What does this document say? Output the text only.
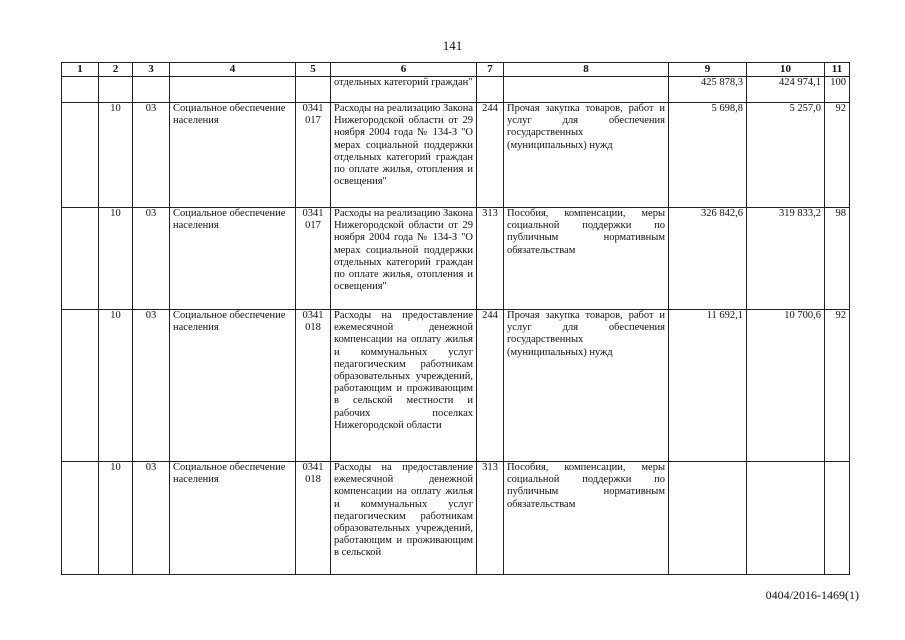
141
1	2	3	4	5	6	7	8	9	10	11
					отдельных категорий граждан"			425 878,3	424 974,1	100
	10	03	Социальное обеспечение населения	0341 017	Расходы на реализацию Закона Нижегородской области от 29 ноября 2004 года № 134-З "О мерах социальной поддержки отдельных категорий граждан по оплате жилья, отопления и освещения"	244	Прочая закупка товаров, работ и услуг для обеспечения государственных (муниципальных) нужд	5 698,8	5 257,0	92
	10	03	Социальное обеспечение населения	0341 017	Расходы на реализацию Закона Нижегородской области от 29 ноября 2004 года № 134-З "О мерах социальной поддержки отдельных категорий граждан по оплате жилья, отопления и освещения"	313	Пособия, компенсации, меры социальной поддержки по публичным нормативным обязательствам	326 842,6	319 833,2	98
	10	03	Социальное обеспечение населения	0341 018	Расходы на предоставление ежемесячной денежной компенсации на оплату жилья и коммунальных услуг педагогическим работникам образовательных учреждений, работающим и проживающим в сельской местности и рабочих поселках Нижегородской области	244	Прочая закупка товаров, работ и услуг для обеспечения государственных (муниципальных) нужд	11 692,1	10 700,6	92
	10	03	Социальное обеспечение населения	0341 018	Расходы на предоставление ежемесячной денежной компенсации на оплату жилья и коммунальных услуг педагогическим работникам образовательных учреждений, работающим и проживающим в сельской	313	Пособия, компенсации, меры социальной поддержки по публичным нормативным обязательствам			
0404/2016-1469(1)
